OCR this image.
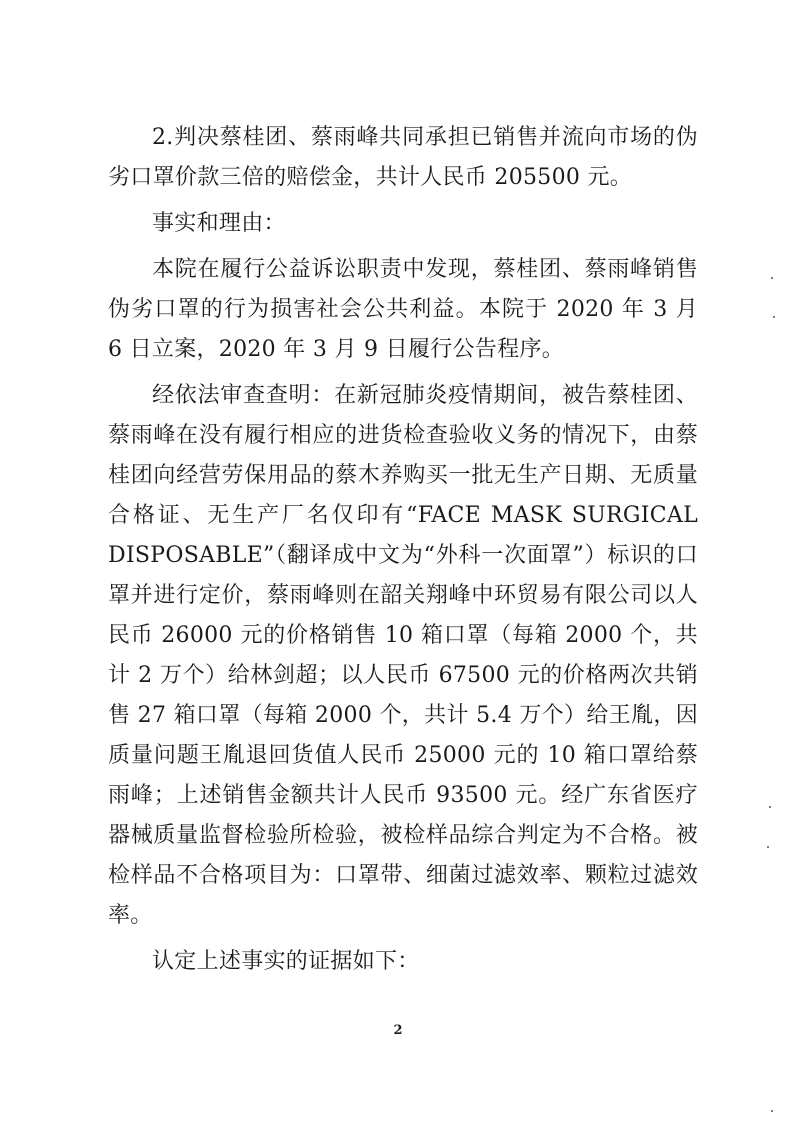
2.判决蔡桂团、蔡雨峰共同承担已销售并流向市场的伪劣口罩价款三倍的赔偿金，共计人民币 205500 元。

事实和理由：

本院在履行公益诉讼职责中发现，蔡桂团、蔡雨峰销售伪劣口罩的行为损害社会公共利益。本院于 2020 年 3 月 6 日立案，2020 年 3 月 9 日履行公告程序。

经依法审查查明：在新冠肺炎疫情期间，被告蔡桂团、蔡雨峰在没有履行相应的进货检查验收义务的情况下，由蔡桂团向经营劳保用品的蔡木养购买一批无生产日期、无质量合格证、无生产厂名仅印有“FACE MASK SURGICAL DISPOSABLE”（翻译成中文为“外科一次面罩”）标识的口罩并进行定价，蔡雨峰则在韶关翔峰中环贸易有限公司以人民币 26000 元的价格销售 10 箱口罩（每箱 2000 个，共计 2 万个）给林剑超；以人民币 67500 元的价格两次共销售 27 箱口罩（每箱 2000 个，共计 5.4 万个）给王胤，因质量问题王胤退回货值人民币 25000 元的 10 箱口罩给蔡雨峰；上述销售金额共计人民币 93500 元。经广东省医疗器械质量监督检验所检验，被检样品综合判定为不合格。被检样品不合格项目为：口罩带、细菌过滤效率、颗粒过滤效率。

认定上述事实的证据如下：

2
